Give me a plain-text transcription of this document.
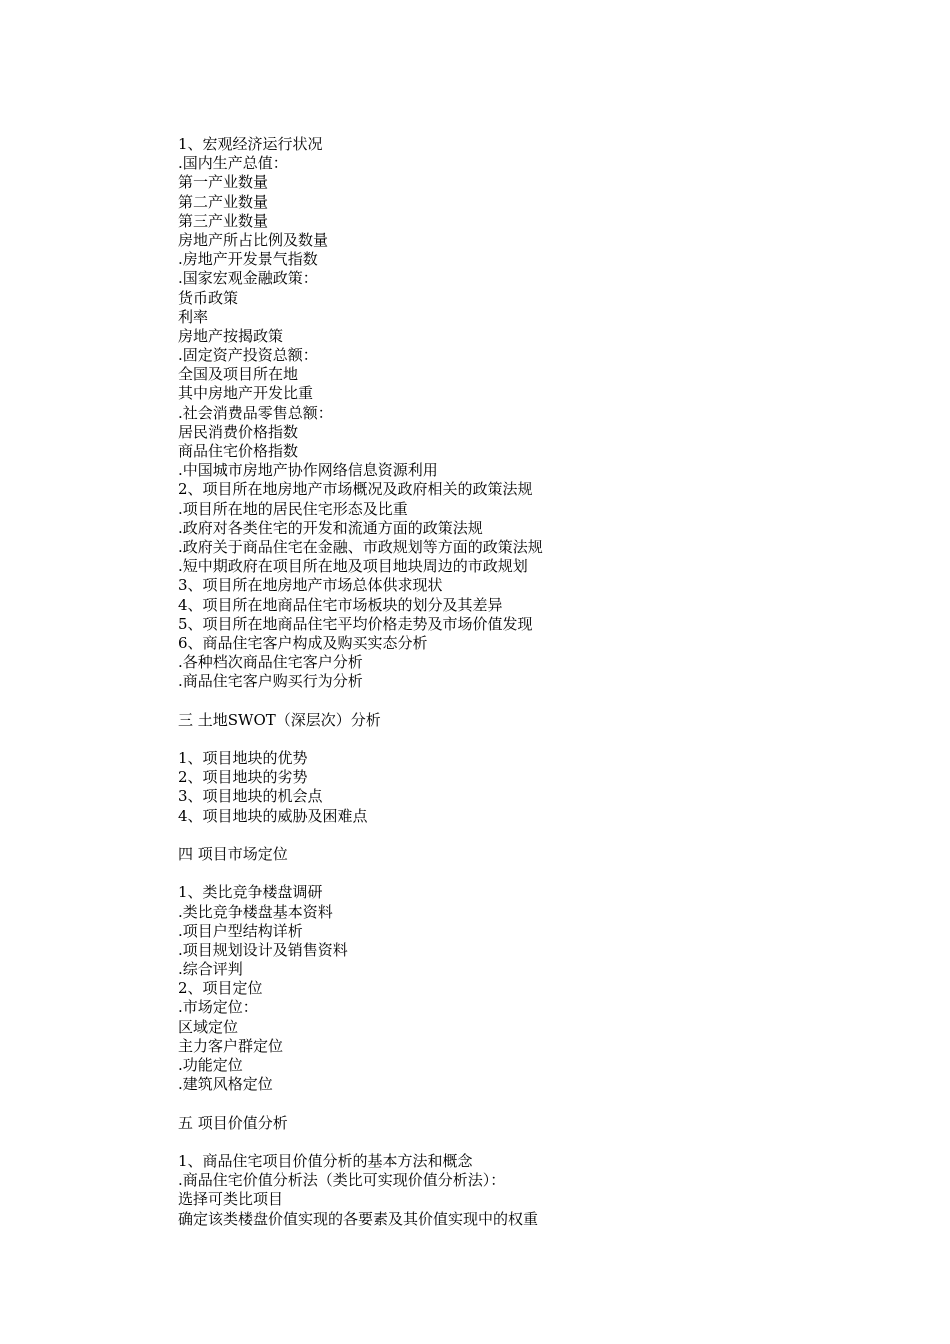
1、宏观经济运行状况
.国内生产总值：
第一产业数量
第二产业数量
第三产业数量
房地产所占比例及数量
.房地产开发景气指数
.国家宏观金融政策：
货币政策
利率
房地产按揭政策
.固定资产投资总额：
全国及项目所在地
其中房地产开发比重
.社会消费品零售总额：
居民消费价格指数
商品住宅价格指数
.中国城市房地产协作网络信息资源利用
2、项目所在地房地产市场概况及政府相关的政策法规
.项目所在地的居民住宅形态及比重
.政府对各类住宅的开发和流通方面的政策法规
.政府关于商品住宅在金融、市政规划等方面的政策法规
.短中期政府在项目所在地及项目地块周边的市政规划
3、项目所在地房地产市场总体供求现状
4、项目所在地商品住宅市场板块的划分及其差异
5、项目所在地商品住宅平均价格走势及市场价值发现
6、商品住宅客户构成及购买实态分析
.各种档次商品住宅客户分析
.商品住宅客户购买行为分析
三 土地SWOT（深层次）分析
1、项目地块的优势
2、项目地块的劣势
3、项目地块的机会点
4、项目地块的威胁及困难点
四 项目市场定位
1、类比竞争楼盘调研
.类比竞争楼盘基本资料
.项目户型结构详析
.项目规划设计及销售资料
.综合评判
2、项目定位
.市场定位：
区域定位
主力客户群定位
.功能定位
.建筑风格定位
五 项目价值分析
1、商品住宅项目价值分析的基本方法和概念
.商品住宅价值分析法（类比可实现价值分析法）：
选择可类比项目
确定该类楼盘价值实现的各要素及其价值实现中的权重
